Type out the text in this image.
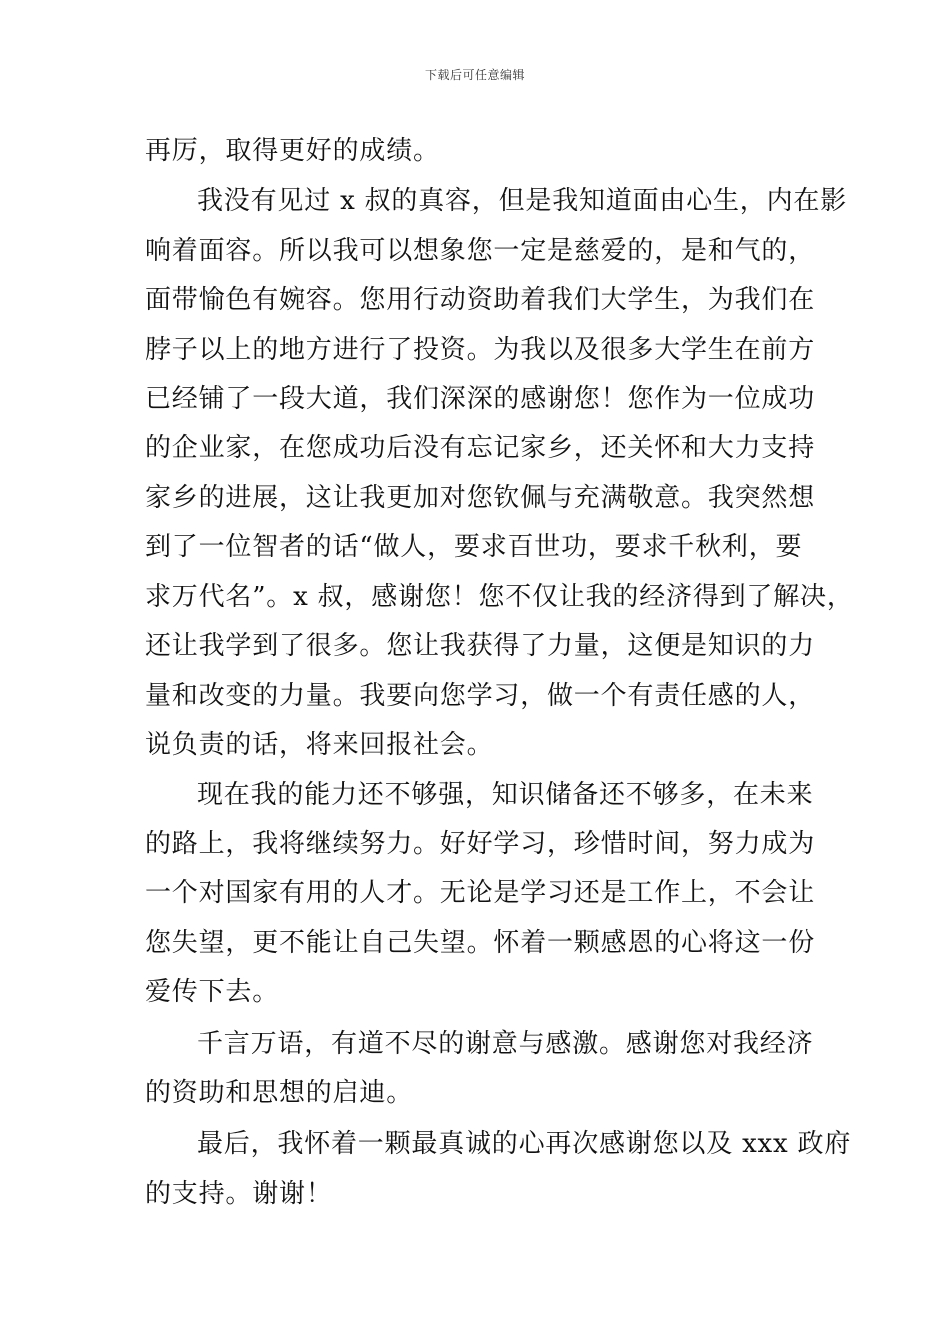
下载后可任意编辑
再厉，取得更好的成绩。
我没有见过 x 叔的真容，但是我知道面由心生，内在影
响着面容。所以我可以想象您一定是慈爱的，是和气的，
面带愉色有婉容。您用行动资助着我们大学生，为我们在
脖子以上的地方进行了投资。为我以及很多大学生在前方
已经铺了一段大道，我们深深的感谢您！您作为一位成功
的企业家，在您成功后没有忘记家乡，还关怀和大力支持
家乡的进展，这让我更加对您钦佩与充满敬意。我突然想
到了一位智者的话“做人，要求百世功，要求千秋利，要
求万代名”。x 叔，感谢您！您不仅让我的经济得到了解决，
还让我学到了很多。您让我获得了力量，这便是知识的力
量和改变的力量。我要向您学习，做一个有责任感的人，
说负责的话，将来回报社会。
现在我的能力还不够强，知识储备还不够多，在未来
的路上，我将继续努力。好好学习，珍惜时间，努力成为
一个对国家有用的人才。无论是学习还是工作上，不会让
您失望，更不能让自己失望。怀着一颗感恩的心将这一份
爱传下去。
千言万语，有道不尽的谢意与感激。感谢您对我经济
的资助和思想的启迪。
最后，我怀着一颗最真诚的心再次感谢您以及 xxx 政府
的支持。谢谢！
